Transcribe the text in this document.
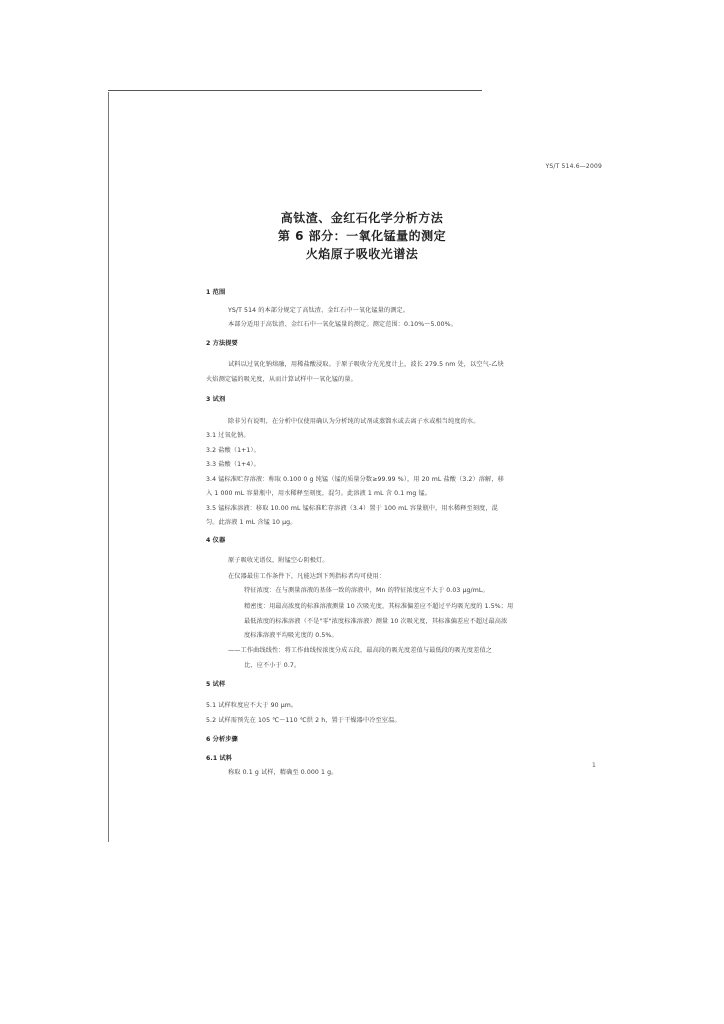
YS/T 514.6—2009
高钛渣、金红石化学分析方法
第 6 部分：一氧化锰量的测定
火焰原子吸收光谱法
1 范围
YS/T 514 的本部分规定了高钛渣、金红石中一氧化锰量的测定。
本部分适用于高钛渣、金红石中一氧化锰量的测定。测定范围：0.10%～5.00%。
2 方法提要
试料以过氧化钠熔融，用稀盐酸浸取。于原子吸收分光光度计上，波长 279.5 nm 处，以空气-乙炔
火焰测定锰的吸光度，从而计算试样中一氧化锰的量。
3 试剂
除非另有说明，在分析中仅使用确认为分析纯的试剂或蒸馏水或去离子水或相当纯度的水。
3.1 过氧化钠。
3.2 盐酸（1+1）。
3.3 盐酸（1+4）。
3.4 锰标准贮存溶液：称取 0.100 0 g 纯锰（锰的质量分数≥99.99 %），用 20 mL 盐酸（3.2）溶解，移
入 1 000 mL 容量瓶中，用水稀释至刻度，混匀。此溶液 1 mL 含 0.1 mg 锰。
3.5 锰标准溶液：移取 10.00 mL 锰标准贮存溶液（3.4）置于 100 mL 容量瓶中，用水稀释至刻度，混
匀。此溶液 1 mL 含锰 10 μg。
4 仪器
原子吸收光谱仪，附锰空心阴极灯。
在仪器最佳工作条件下，凡能达到下列指标者均可使用：
特征浓度：在与测量溶液的基体一致的溶液中，Mn 的特征浓度应不大于 0.03 μg/mL。
精密度：用最高浓度的标准溶液测量 10 次吸光度，其标准偏差应不超过平均吸光度的 1.5%；用
最低浓度的标准溶液（不是"零"浓度标准溶液）测量 10 次吸光度，其标准偏差应不超过最高浓
度标准溶液平均吸光度的 0.5%。
——工作曲线线性：将工作曲线按浓度分成五段，最高段的吸光度差值与最低段的吸光度差值之
比，应不小于 0.7。
5 试样
5.1 试样粒度应不大于 90 μm。
5.2 试样需预先在 105 ℃～110 ℃烘 2 h，置于干燥器中冷至室温。
6 分析步骤
6.1 试料
称取 0.1 g 试样，精确至 0.000 1 g。
1
